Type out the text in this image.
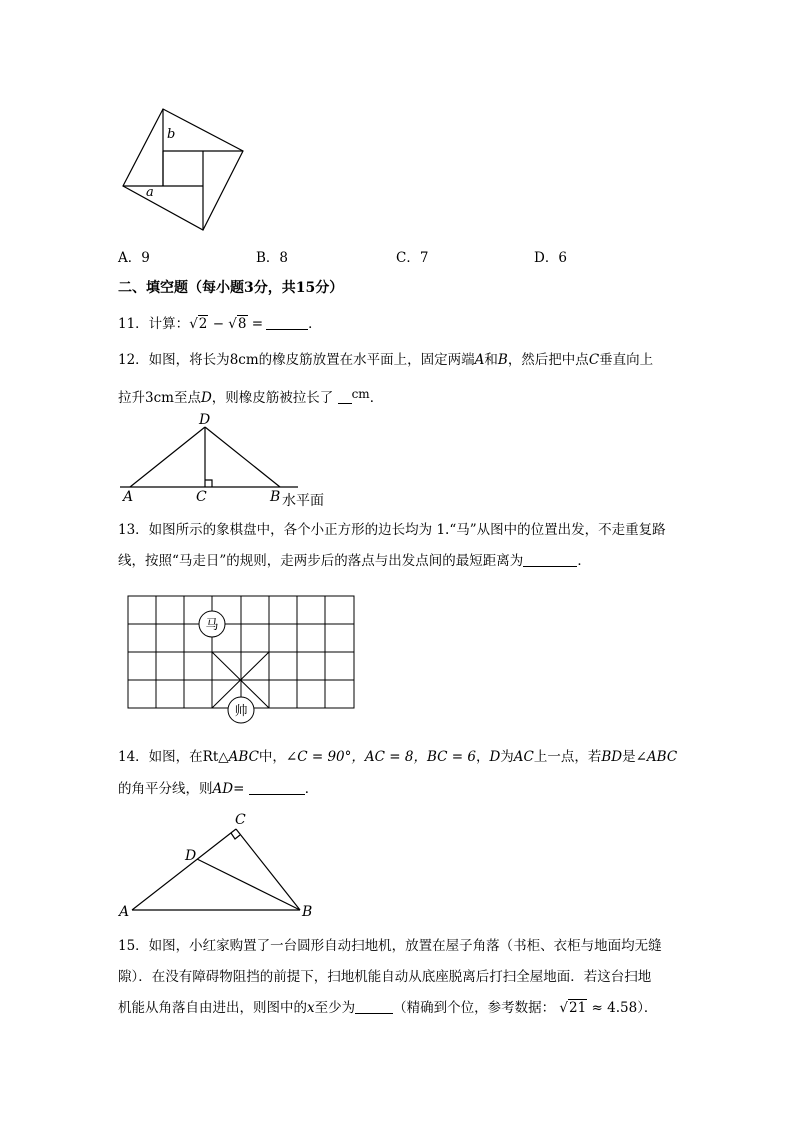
b
a
A．9	B．8	C．7	D．6
二、填空题（每小题3分，共15分）
11．计算：√2 − √8 =	．
12．如图，将长为8cm的橡皮筋放置在水平面上，固定两端A和B，然后把中点C垂直向上
拉升3cm至点D，则橡皮筋被拉长了 cm．
D
A	C	B 水平面
13．如图所示的象棋盘中，各个小正方形的边长均为 1.“马”从图中的位置出发，不走重复路
线，按照“马走日”的规则，走两步后的落点与出发点间的最短距离为	．
马
帅
14．如图，在Rt△ABC中，∠C = 90°，AC = 8，BC = 6，D为AC上一点，若BD是∠ABC
的角平分线，则AD=	．
C
D
A	B
15．如图，小红家购置了一台圆形自动扫地机，放置在屋子角落（书柜、衣柜与地面均无缝
隙）．在没有障碍物阻挡的前提下，扫地机能自动从底座脱离后打扫全屋地面．若这台扫地
机能从角落自由进出，则图中的x至少为	（精确到个位，参考数据： √21 ≈ 4.58）．
